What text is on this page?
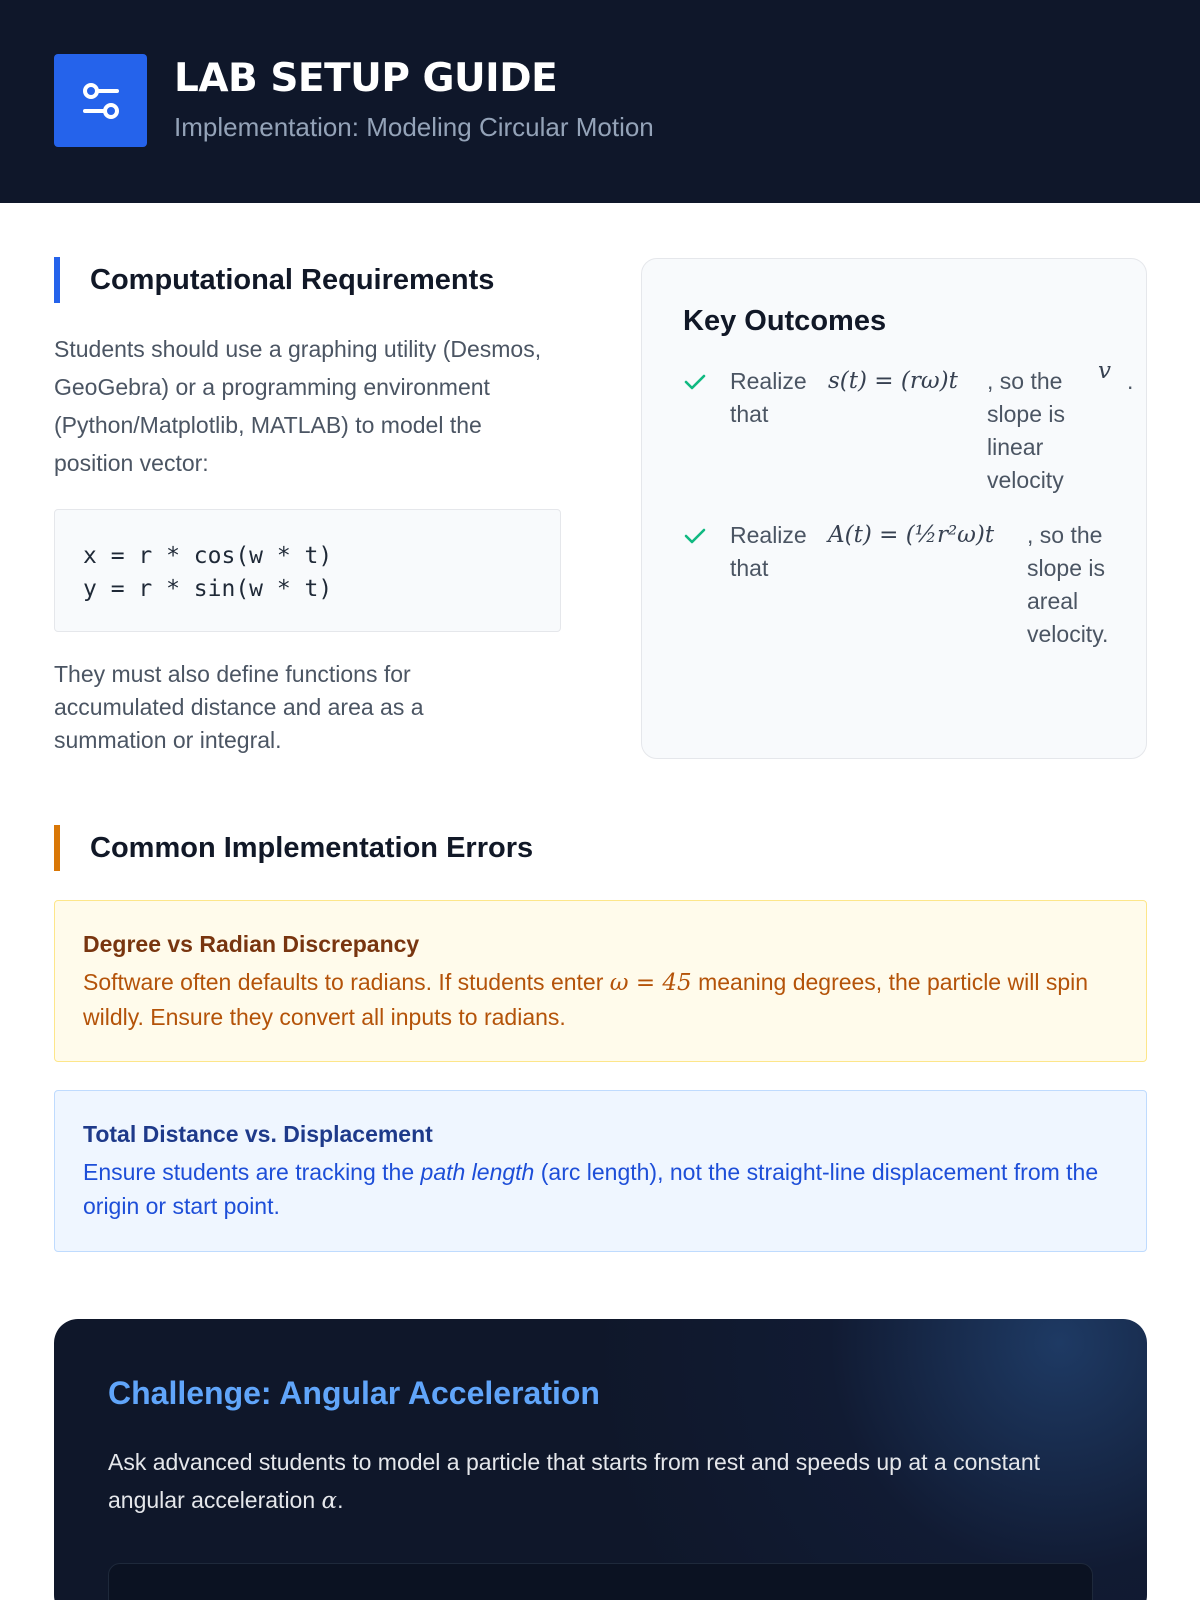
LAB SETUP GUIDE
Implementation: Modeling Circular Motion
Computational Requirements
Students should use a graphing utility (Desmos, GeoGebra) or a programming environment (Python/Matplotlib, MATLAB) to model the position vector:
x = r * cos(w * t)
y = r * sin(w * t)
They must also define functions for accumulated distance and area as a summation or integral.
Key Outcomes
Realize
that
s(t) = (rω)t , so the
slope is
linear
velocity
v .
Realize
that
A(t) = (½r²ω)t , so the
slope is
areal
velocity.
Common Implementation Errors
Degree vs Radian Discrepancy
Software often defaults to radians. If students enter ω = 45 meaning degrees, the particle will spin wildly. Ensure they convert all inputs to radians.
Total Distance vs. Displacement
Ensure students are tracking the path length (arc length), not the straight-line displacement from the origin or start point.
Challenge: Angular Acceleration
Ask advanced students to model a particle that starts from rest and speeds up at a constant angular acceleration α.
